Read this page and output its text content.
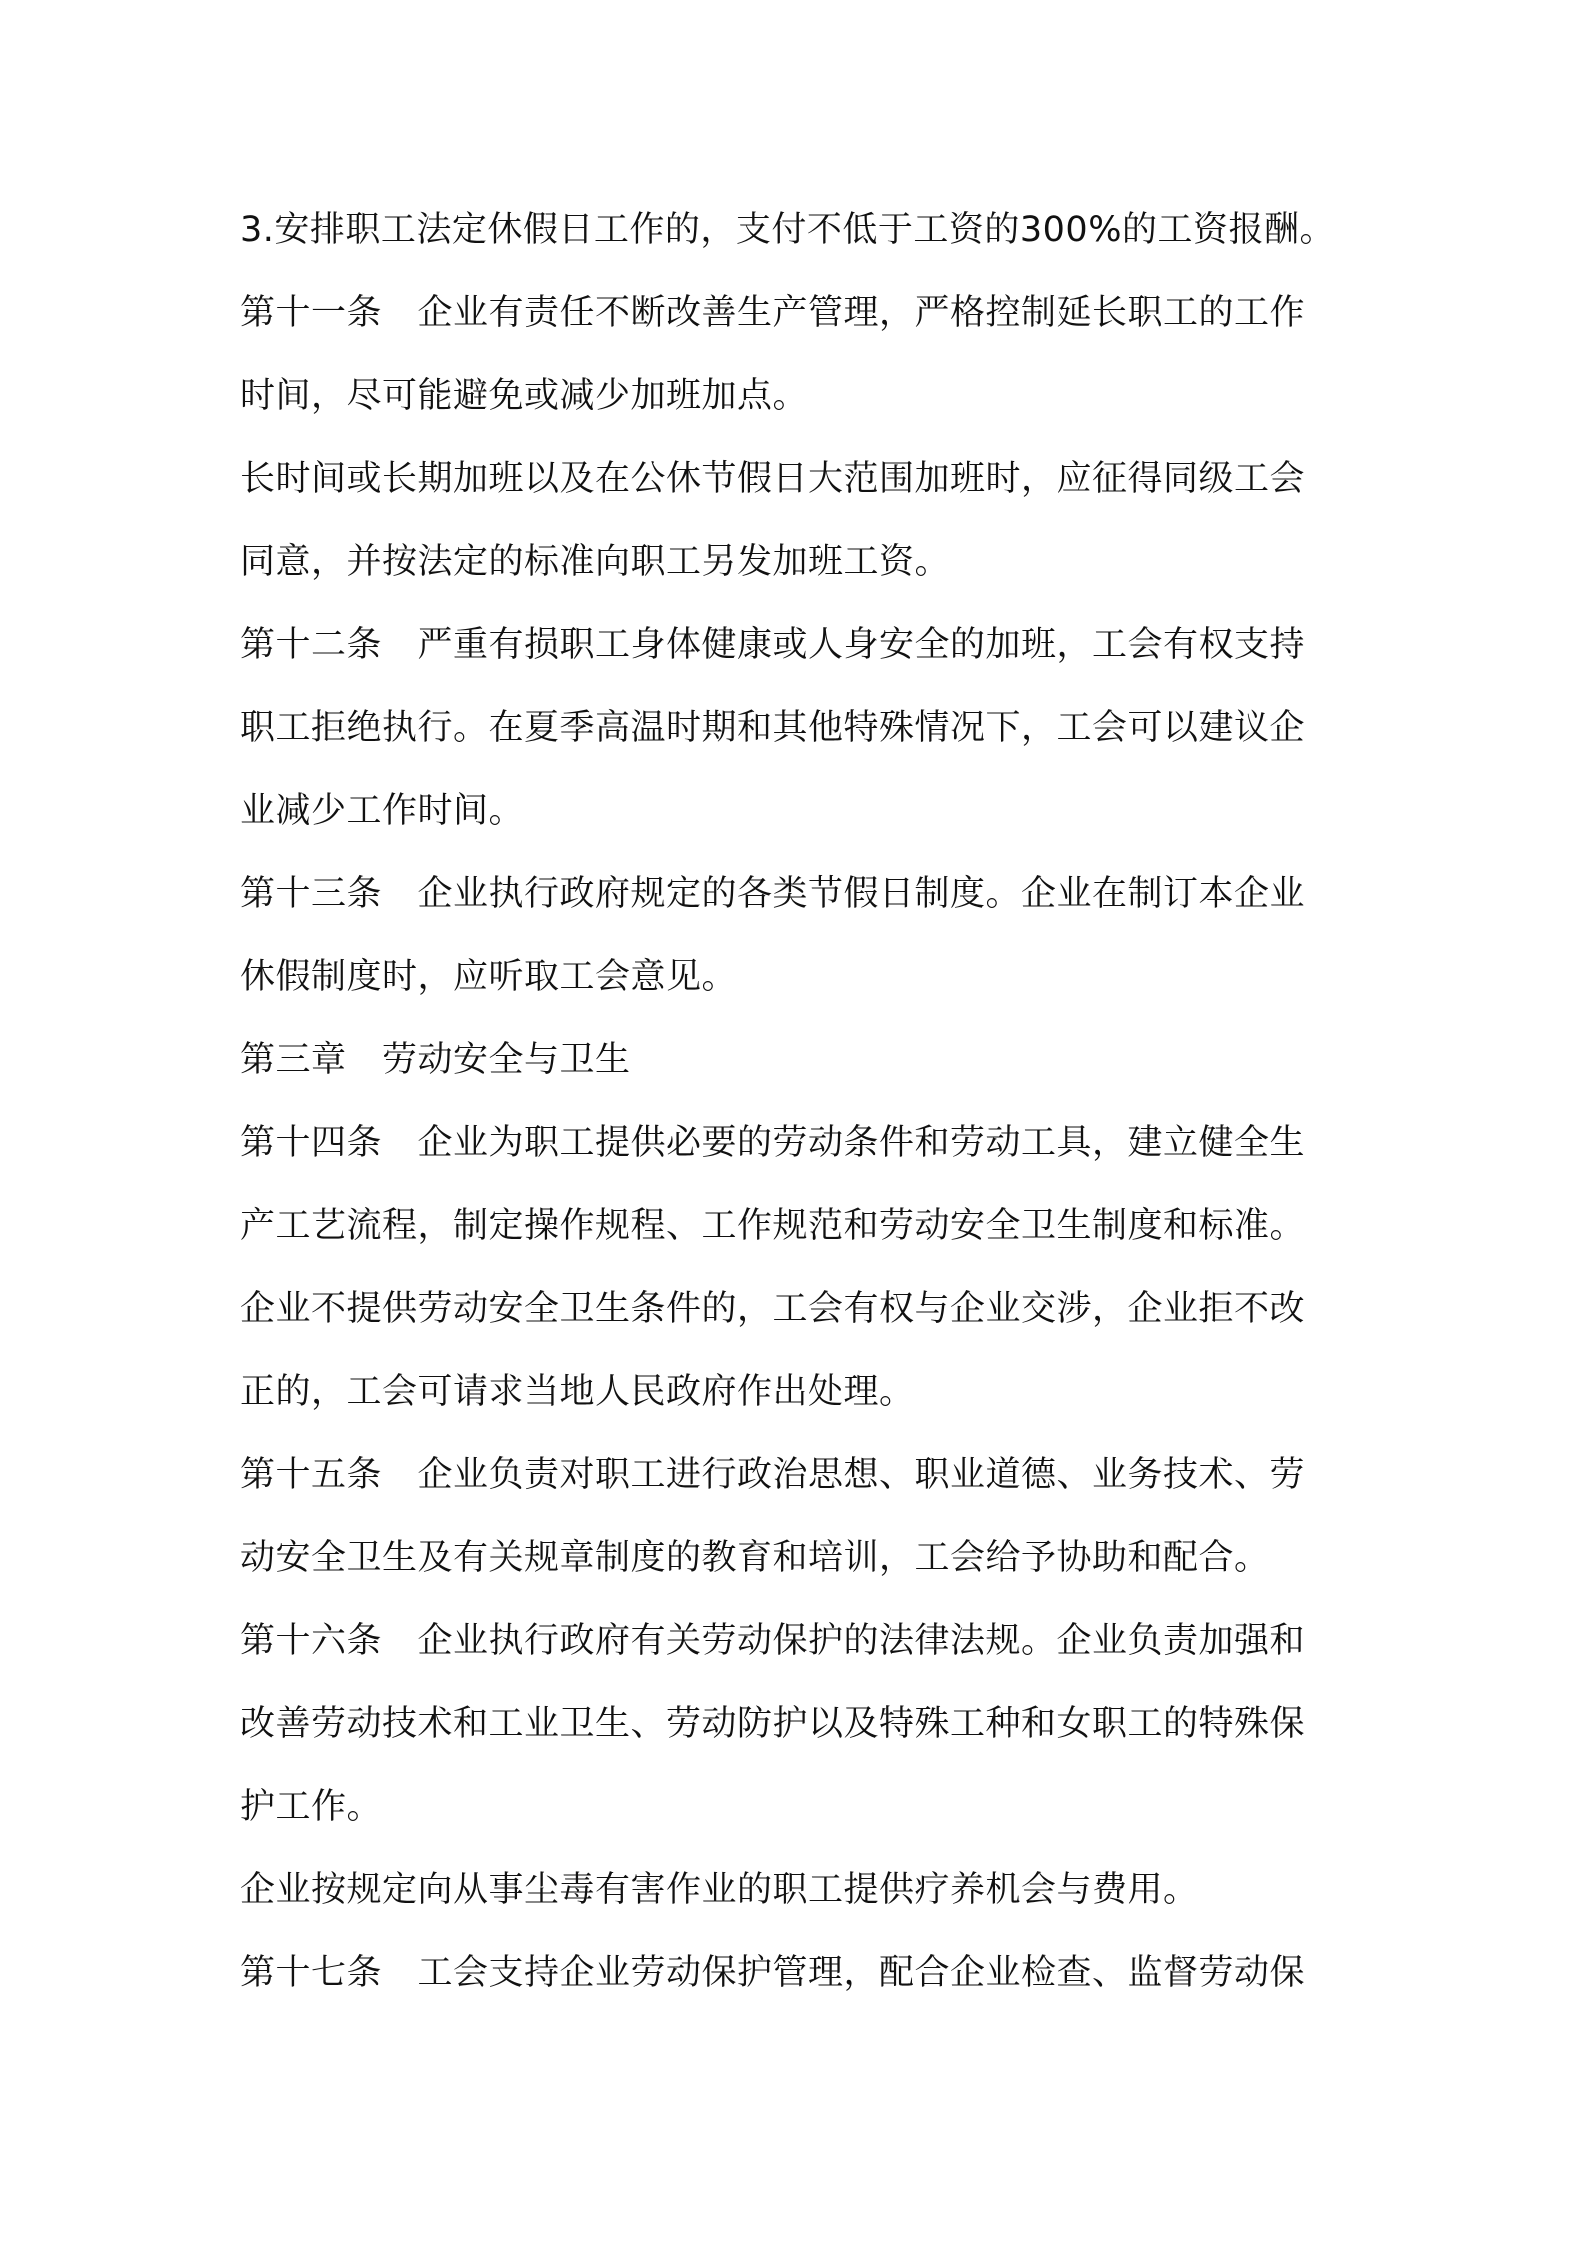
3.安排职工法定休假日工作的，支付不低于工资的300%的工资报酬。
第十一条　企业有责任不断改善生产管理，严格控制延长职工的工作
时间，尽可能避免或减少加班加点。
长时间或长期加班以及在公休节假日大范围加班时，应征得同级工会
同意，并按法定的标准向职工另发加班工资。
第十二条　严重有损职工身体健康或人身安全的加班，工会有权支持
职工拒绝执行。在夏季高温时期和其他特殊情况下，工会可以建议企
业减少工作时间。
第十三条　企业执行政府规定的各类节假日制度。企业在制订本企业
休假制度时，应听取工会意见。
第三章　劳动安全与卫生
第十四条　企业为职工提供必要的劳动条件和劳动工具，建立健全生
产工艺流程，制定操作规程、工作规范和劳动安全卫生制度和标准。
企业不提供劳动安全卫生条件的，工会有权与企业交涉，企业拒不改
正的，工会可请求当地人民政府作出处理。
第十五条　企业负责对职工进行政治思想、职业道德、业务技术、劳
动安全卫生及有关规章制度的教育和培训，工会给予协助和配合。
第十六条　企业执行政府有关劳动保护的法律法规。企业负责加强和
改善劳动技术和工业卫生、劳动防护以及特殊工种和女职工的特殊保
护工作。
企业按规定向从事尘毒有害作业的职工提供疗养机会与费用。
第十七条　工会支持企业劳动保护管理，配合企业检查、监督劳动保
